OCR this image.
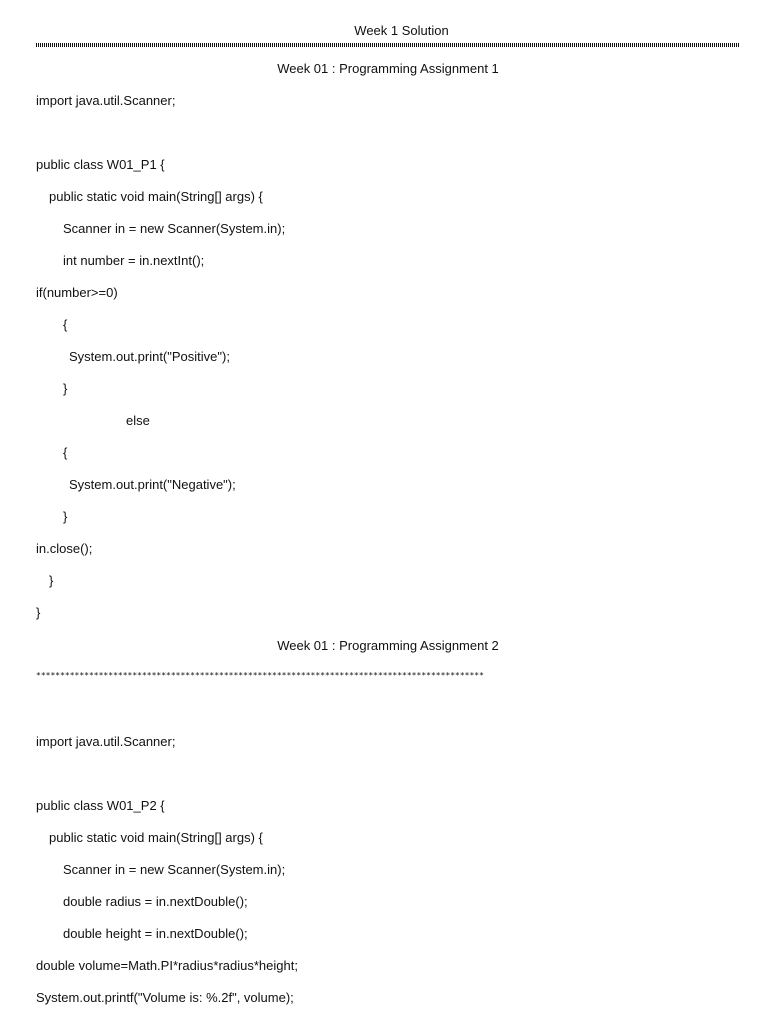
Week 1 Solution
Week 01 : Programming Assignment 1
import java.util.Scanner;
public class W01_P1 {
public static void main(String[] args) {
Scanner in = new Scanner(System.in);
int number = in.nextInt();
if(number>=0)
{
System.out.print("Positive");
}
else
{
System.out.print("Negative");
}
in.close();
}
}
Week 01 : Programming Assignment 2
*********************************************************************************************
import java.util.Scanner;
public class W01_P2 {
public static void main(String[] args) {
Scanner in = new Scanner(System.in);
double radius = in.nextDouble();
double height = in.nextDouble();
double volume=Math.PI*radius*radius*height;
System.out.printf("Volume is: %.2f", volume);
